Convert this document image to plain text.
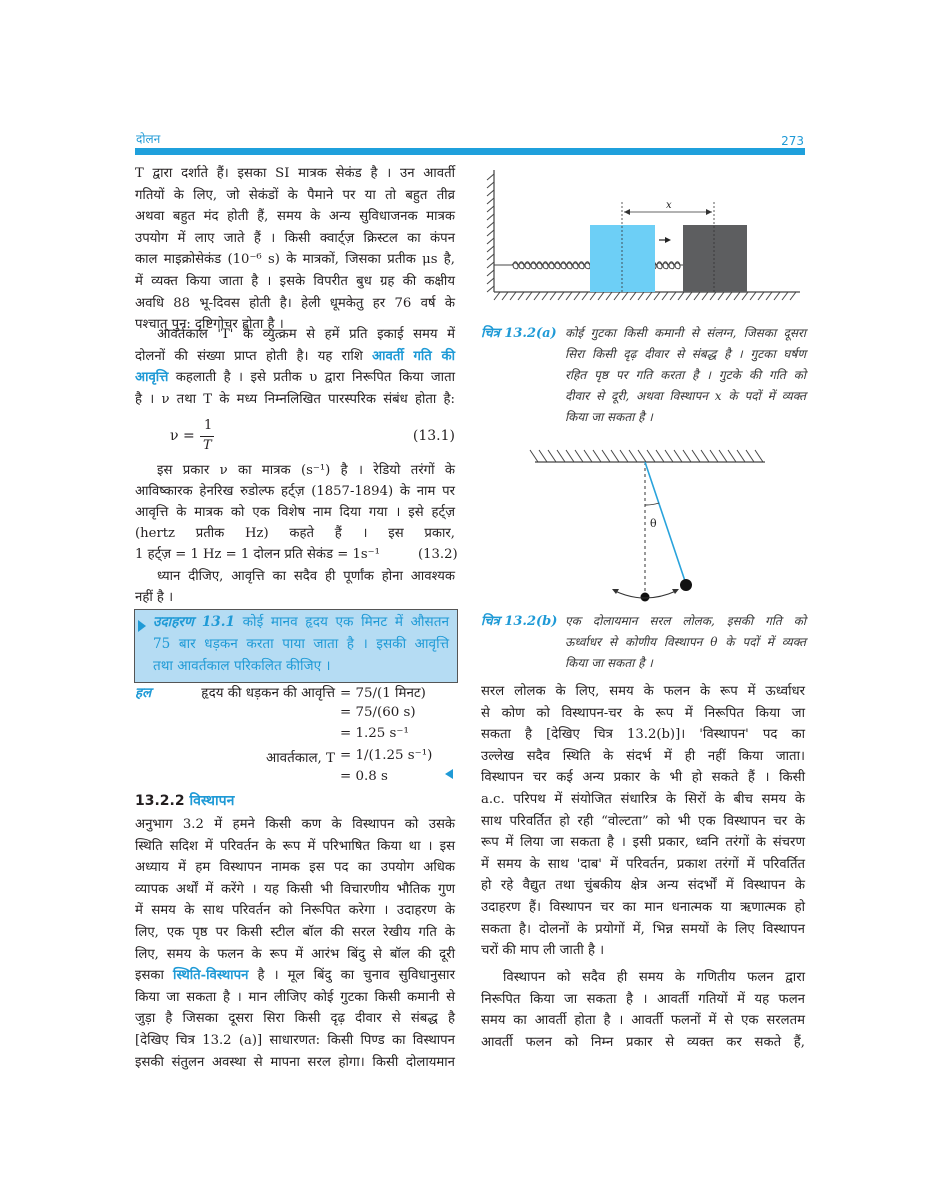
दोलन	273
T द्वारा दर्शाते हैं। इसका SI मात्रक सेकंड है । उन आवर्ती
गतियों के लिए, जो सेकंडों के पैमाने पर या तो बहुत तीव्र
अथवा बहुत मंद होती हैं, समय के अन्य सुविधाजनक मात्रक
उपयोग में लाए जाते हैं । किसी क्वार्ट्ज़ क्रिस्टल का कंपन
काल माइक्रोसेकंड (10⁻⁶ s) के मात्रकों, जिसका प्रतीक μs है,
में व्यक्त किया जाता है । इसके विपरीत बुध ग्रह की कक्षीय
अवधि 88 भू-दिवस होती है। हेली धूमकेतु हर 76 वर्ष के
पश्चात् पुन: दृष्टिगोचर होता है ।
आवर्तकाल 'T' के व्युत्क्रम से हमें प्रति इकाई समय में
दोलनों की संख्या प्राप्त होती है। यह राशि आवर्ती गति की
आवृत्ति कहलाती है । इसे प्रतीक υ द्वारा निरूपित किया जाता
है । ν तथा T के मध्य निम्नलिखित पारस्परिक संबंध होता है:
ν =
1
T
(13.1)
इस प्रकार ν का मात्रक (s⁻¹) है । रेडियो तरंगों के
आविष्कारक हेनरिख रुडोल्फ हर्ट्ज़ (1857-1894) के नाम पर
आवृत्ति के मात्रक को एक विशेष नाम दिया गया । इसे हर्ट्ज़
(hertz प्रतीक Hz) कहते हैं । इस प्रकार,
1 हर्ट्ज़ = 1 Hz = 1 दोलन प्रति सेकंड = 1s⁻¹	(13.2)
ध्यान दीजिए, आवृत्ति का सदैव ही पूर्णांक होना आवश्यक
नहीं है ।
उदाहरण 13.1 कोई मानव हृदय एक मिनट में औसतन
75 बार धड़कन करता पाया जाता है । इसकी आवृत्ति
तथा आवर्तकाल परिकलित कीजिए ।
हल	हृदय की धड़कन की आवृत्ति = 75/(1 मिनट)
= 75/(60 s)
= 1.25 s⁻¹
आवर्तकाल, T = 1/(1.25 s⁻¹)
= 0.8 s
13.2.2 विस्थापन
अनुभाग 3.2 में हमने किसी कण के विस्थापन को उसके
स्थिति सदिश में परिवर्तन के रूप में परिभाषित किया था । इस
अध्याय में हम विस्थापन नामक इस पद का उपयोग अधिक
व्यापक अर्थों में करेंगे । यह किसी भी विचारणीय भौतिक गुण
में समय के साथ परिवर्तन को निरूपित करेगा । उदाहरण के
लिए, एक पृष्ठ पर किसी स्टील बॉल की सरल रेखीय गति के
लिए, समय के फलन के रूप में आरंभ बिंदु से बॉल की दूरी
इसका स्थिति-विस्थापन है । मूल बिंदु का चुनाव सुविधानुसार
किया जा सकता है । मान लीजिए कोई गुटका किसी कमानी से
जुड़ा है जिसका दूसरा सिरा किसी दृढ़ दीवार से संबद्ध है
[देखिए चित्र 13.2 (a)] साधारणत: किसी पिण्ड का विस्थापन
इसकी संतुलन अवस्था से मापना सरल होगा। किसी दोलायमान
x
θ
चित्र 13.2(a) कोई गुटका किसी कमानी से संलग्न, जिसका दूसरा
सिरा किसी दृढ़ दीवार से संबद्ध है । गुटका घर्षण
रहित पृष्ठ पर गति करता है । गुटके की गति को
दीवार से दूरी, अथवा विस्थापन x के पदों में व्यक्त
किया जा सकता है ।
चित्र 13.2(b) एक दोलायमान सरल लोलक, इसकी गति को
ऊर्ध्वाधर से कोणीय विस्थापन θ के पदों में व्यक्त
किया जा सकता है ।
सरल लोलक के लिए, समय के फलन के रूप में ऊर्ध्वाधर
से कोण को विस्थापन-चर के रूप में निरूपित किया जा
सकता है [देखिए चित्र 13.2(b)]। 'विस्थापन' पद का
उल्लेख सदैव स्थिति के संदर्भ में ही नहीं किया जाता।
विस्थापन चर कई अन्य प्रकार के भी हो सकते हैं । किसी
a.c. परिपथ में संयोजित संधारित्र के सिरों के बीच समय के
साथ परिवर्तित हो रही “वोल्टता” को भी एक विस्थापन चर के
रूप में लिया जा सकता है । इसी प्रकार, ध्वनि तरंगों के संचरण
में समय के साथ 'दाब' में परिवर्तन, प्रकाश तरंगों में परिवर्तित
हो रहे वैद्युत तथा चुंबकीय क्षेत्र अन्य संदर्भों में विस्थापन के
उदाहरण हैं। विस्थापन चर का मान धनात्मक या ऋणात्मक हो
सकता है। दोलनों के प्रयोगों में, भिन्न समयों के लिए विस्थापन
चरों की माप ली जाती है ।
विस्थापन को सदैव ही समय के गणितीय फलन द्वारा
निरूपित किया जा सकता है । आवर्ती गतियों में यह फलन
समय का आवर्ती होता है । आवर्ती फलनों में से एक सरलतम
आवर्ती फलन को निम्न प्रकार से व्यक्त कर सकते हैं,
